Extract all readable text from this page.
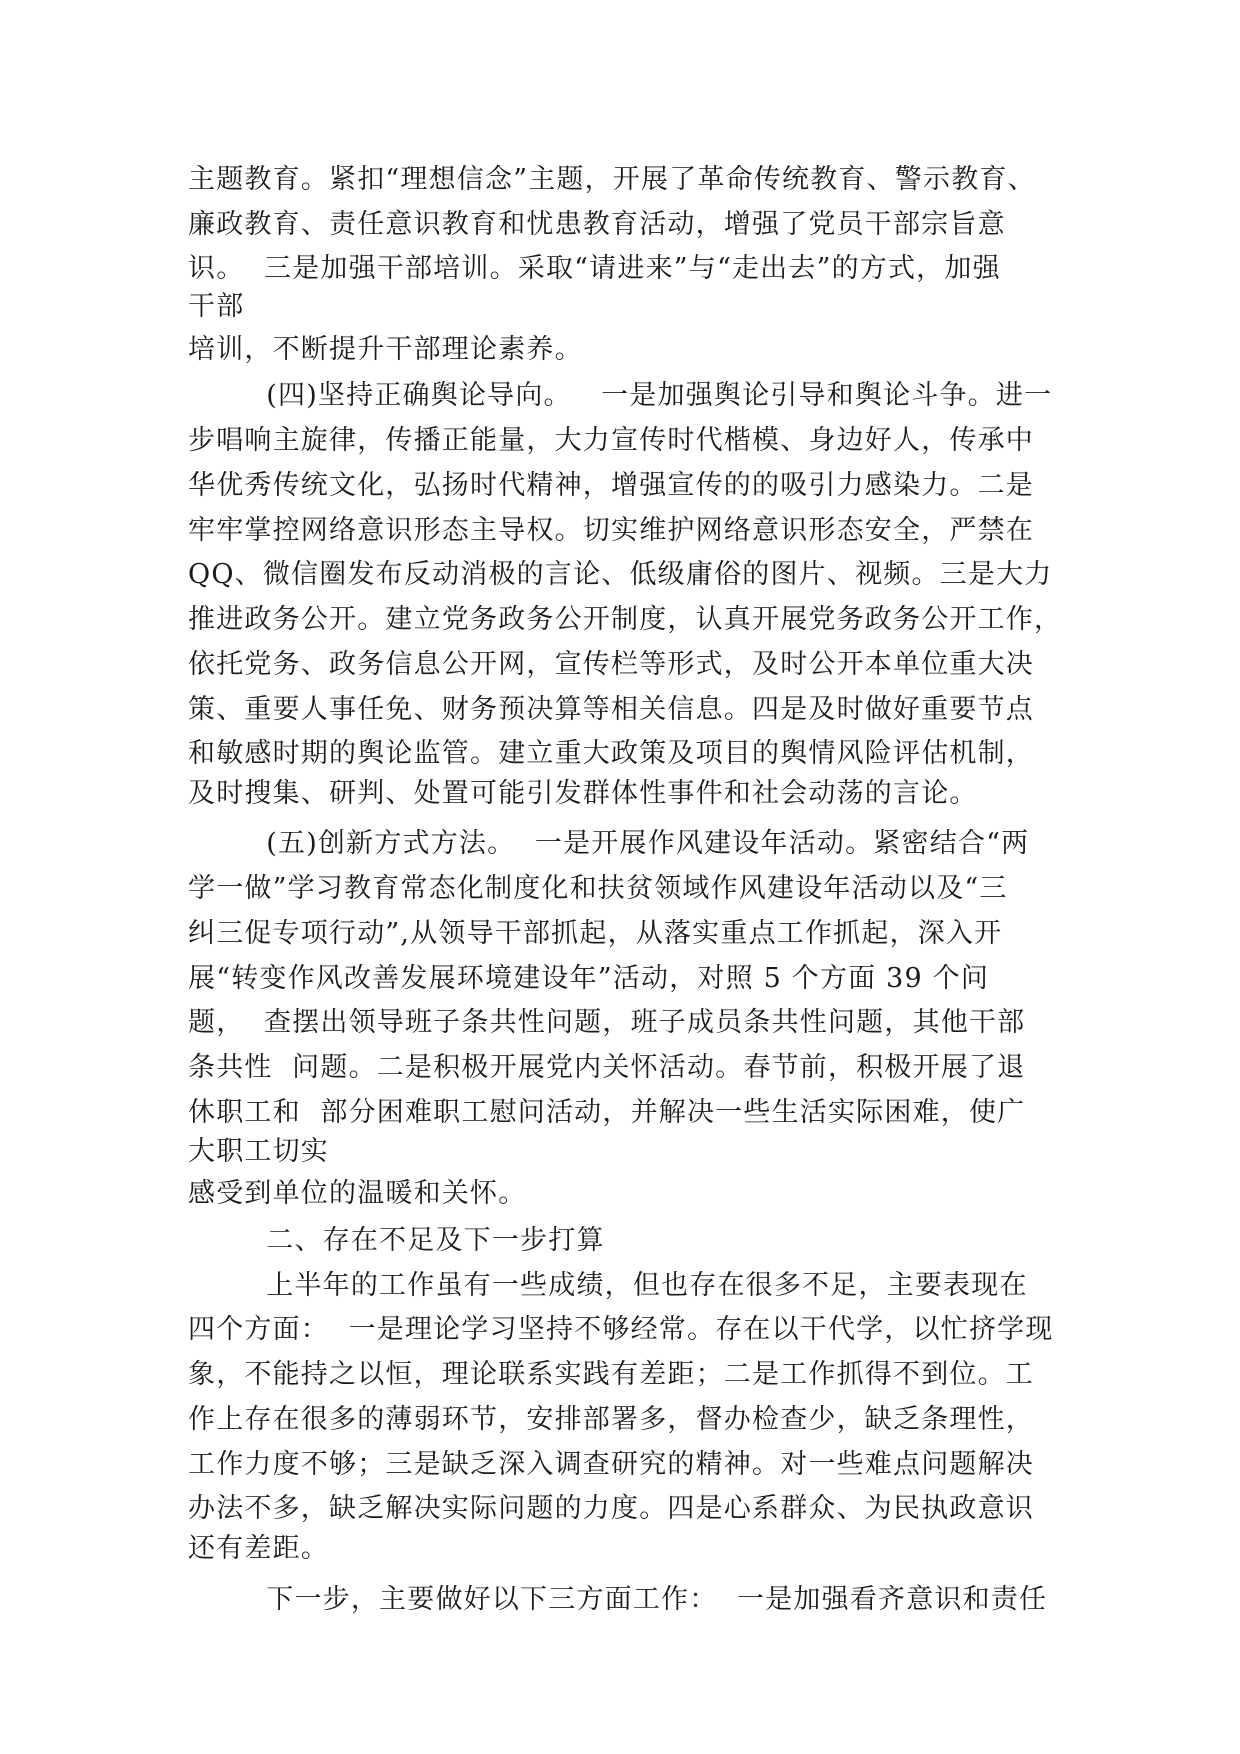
主题教育。紧扣“理想信念”主题，开展了革命传统教育、警示教育、
廉政教育、责任意识教育和忧患教育活动，增强了党员干部宗旨意
识。  三是加强干部培训。采取“请进来”与“走出去”的方式，加强
干部
培训，不断提升干部理论素养。
(四)坚持正确舆论导向。   一是加强舆论引导和舆论斗争。进一
步唱响主旋律，传播正能量，大力宣传时代楷模、身边好人，传承中
华优秀传统文化，弘扬时代精神，增强宣传的的吸引力感染力。二是
牢牢掌控网络意识形态主导权。切实维护网络意识形态安全，严禁在
QQ、微信圈发布反动消极的言论、低级庸俗的图片、视频。三是大力
推进政务公开。建立党务政务公开制度，认真开展党务政务公开工作，
依托党务、政务信息公开网，宣传栏等形式，及时公开本单位重大决
策、重要人事任免、财务预决算等相关信息。四是及时做好重要节点
和敏感时期的舆论监管。建立重大政策及项目的舆情风险评估机制，
及时搜集、研判、处置可能引发群体性事件和社会动荡的言论。
(五)创新方式方法。  一是开展作风建设年活动。紧密结合“两
学一做”学习教育常态化制度化和扶贫领域作风建设年活动以及“三
纠三促专项行动”,从领导干部抓起，从落实重点工作抓起，深入开
展“转变作风改善发展环境建设年”活动，对照 5 个方面 39 个问
题，  查摆出领导班子条共性问题，班子成员条共性问题，其他干部
条共性  问题。二是积极开展党内关怀活动。春节前，积极开展了退
休职工和  部分困难职工慰问活动，并解决一些生活实际困难，使广
大职工切实
感受到单位的温暖和关怀。
二、存在不足及下一步打算
上半年的工作虽有一些成绩，但也存在很多不足，主要表现在
四个方面：  一是理论学习坚持不够经常。存在以干代学，以忙挤学现
象，不能持之以恒，理论联系实践有差距；二是工作抓得不到位。工
作上存在很多的薄弱环节，安排部署多，督办检查少，缺乏条理性，
工作力度不够；三是缺乏深入调查研究的精神。对一些难点问题解决
办法不多，缺乏解决实际问题的力度。四是心系群众、为民执政意识
还有差距。
下一步，主要做好以下三方面工作：  一是加强看齐意识和责任
